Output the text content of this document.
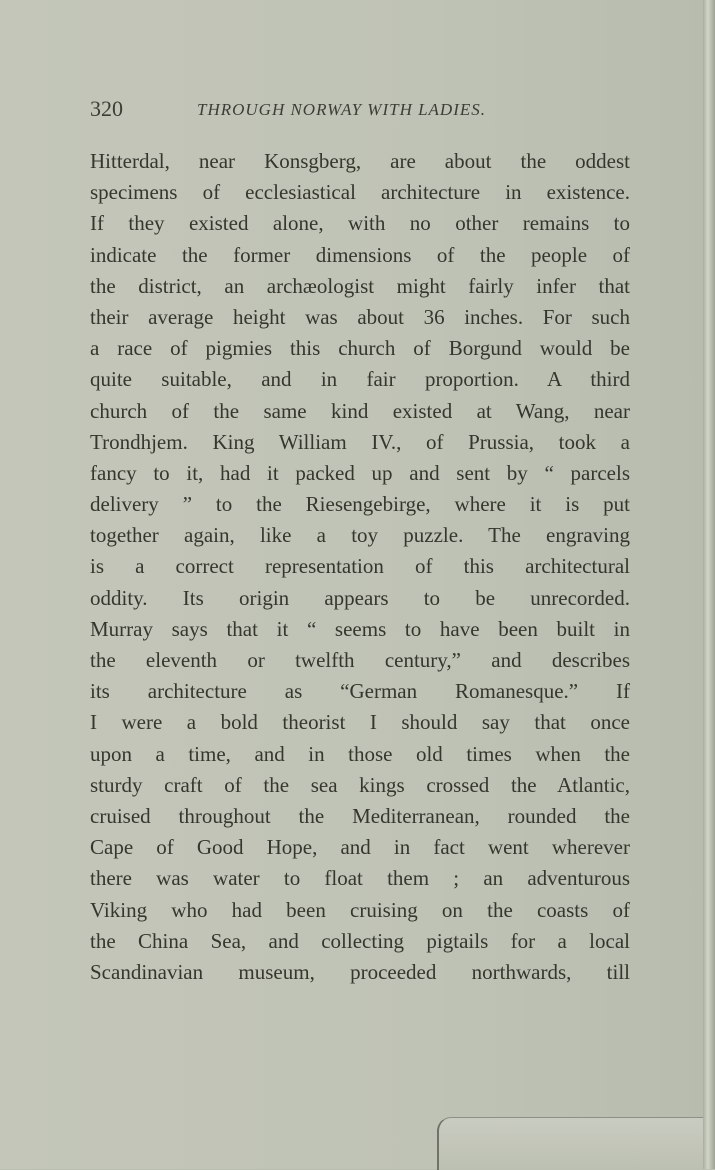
320	THROUGH NORWAY WITH LADIES.
Hitterdal, near Konsgberg, are about the oddest
specimens of ecclesiastical architecture in existence.
If they existed alone, with no other remains to
indicate the former dimensions of the people of
the district, an archæologist might fairly infer that
their average height was about 36 inches. For such
a race of pigmies this church of Borgund would be
quite suitable, and in fair proportion. A third
church of the same kind existed at Wang, near
Trondhjem. King William IV., of Prussia, took a
fancy to it, had it packed up and sent by “ parcels
delivery ” to the Riesengebirge, where it is put
together again, like a toy puzzle. The engraving
is a correct representation of this architectural
oddity. Its origin appears to be unrecorded.
Murray says that it “ seems to have been built in
the eleventh or twelfth century,” and describes
its architecture as “German Romanesque.” If
I were a bold theorist I should say that once
upon a time, and in those old times when the
sturdy craft of the sea kings crossed the Atlantic,
cruised throughout the Mediterranean, rounded the
Cape of Good Hope, and in fact went wherever
there was water to float them ; an adventurous
Viking who had been cruising on the coasts of
the China Sea, and collecting pigtails for a local
Scandinavian museum, proceeded northwards, till
